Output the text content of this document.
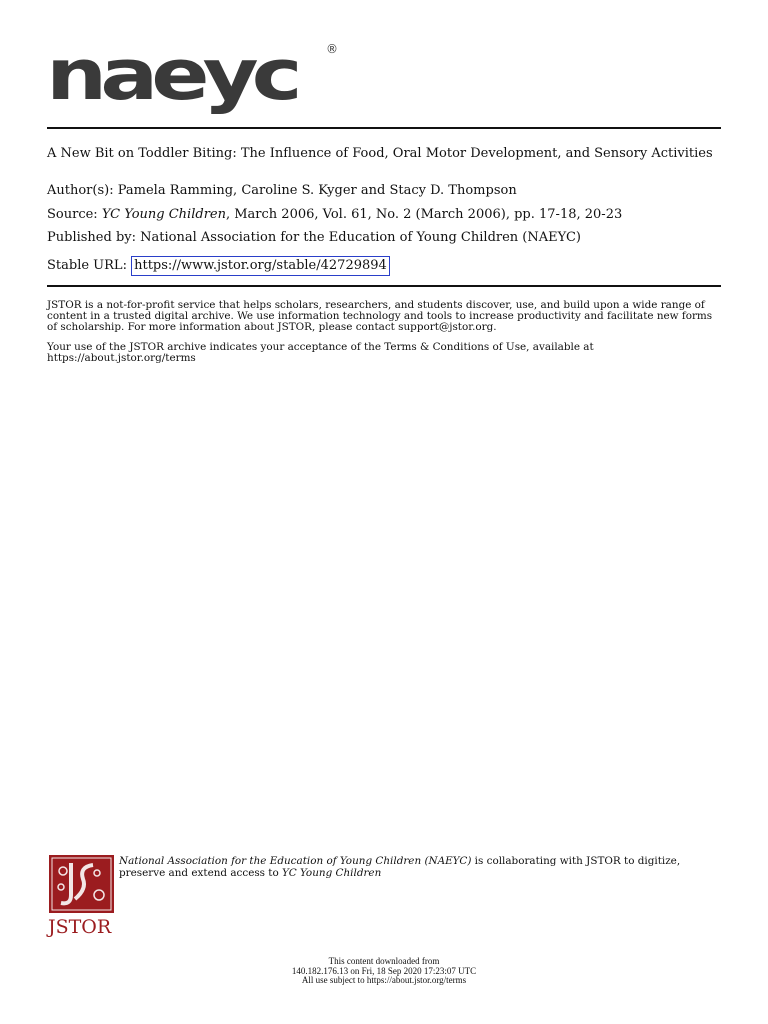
naeyc	®
A New Bit on Toddler Biting: The Influence of Food, Oral Motor Development, and Sensory Activities
Author(s): Pamela Ramming, Caroline S. Kyger and Stacy D. Thompson
Source: YC Young Children, March 2006, Vol. 61, No. 2 (March 2006), pp. 17-18, 20-23
Published by: National Association for the Education of Young Children (NAEYC)
Stable URL: https://www.jstor.org/stable/42729894
JSTOR is a not-for-profit service that helps scholars, researchers, and students discover, use, and build upon a wide range of content in a trusted digital archive. We use information technology and tools to increase productivity and facilitate new forms of scholarship. For more information about JSTOR, please contact support@jstor.org.
Your use of the JSTOR archive indicates your acceptance of the Terms & Conditions of Use, available at https://about.jstor.org/terms
JSTOR
National Association for the Education of Young Children (NAEYC) is collaborating with JSTOR to digitize, preserve and extend access to YC Young Children
This content downloaded from
140.182.176.13 on Fri, 18 Sep 2020 17:23:07 UTC
All use subject to https://about.jstor.org/terms
